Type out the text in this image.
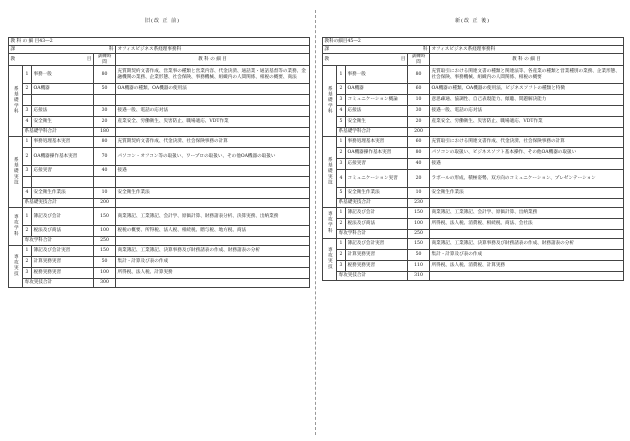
旧(改 正 前)	新(改 正 後)
教 科 の 細 目43―2				

課 科				オフィスビジネス系経理事務科

教 目			訓練時間	教 科 の 細 目
系基礎学科	1	事務一般	80	充質期契約文書作成、営業事の種類と営業内容、代金決済、通話業・通話基督等の業務、金融機関の業務、企業形態、社会保険、事務機械、組織内の人間関係、相税の概要、商法
	2	OA機器	50	OA機器の種類、OA機器の使用法

	3	応接法	30	接遇一般、電話の応対法
	4	安全衛生	20	産業安全、労働衛生、災害防止、職場適応、VDT作業
	系基礎学科合計		180	
系基礎実技	1	事務処理基本実習	80	充質期契約文書作成、代金決済、社会保険事務の計算
	2	OA機器操作基本実習	70	パソコン・オフコン等の取扱い、ワープロの取扱い、その他OA機器の取扱い
	3	応接実習	40	接遇

	4	安全衛生作業法	10	安全衛生作業法
	系基礎実技合計		200	
専攻学科	1	簿記及び会計	150	商業簿記、工業簿記、会計学、原価計算、財務諸表分析、決算実務、出納業務
	2	税法及び商法	100	税税の概要、所得税、法人税、相続税、贈与税、地方税、商法
	専攻学科合計		250	
専攻実技	1	簿記及び会計実習	150	商業簿記、工業簿記、決算事務及び財務諸表の作成、財務諸表の分析
	2	計算実務実習	50	集計・計算及び表の作成
	3	税務実務実習	100	所得税、法人税、計算実務
	専攻実技合計		300	
教科の細目45―2				

課 科				オフィスビジネス系経理事務科

教 目			訓練時間	教 科 の 細 目
系基礎学科	1	事務一般	80	充質取引における関連文書の種類と関連法等、各産業の種類と営業種別の業務、企業形態、社会保険、事務機械、組織内の人間関係、相税の概要
	2	OA機器	60	OA機器の種類、OA機器の使用法、ビジネスソフトの種類と特徴
	3	コミュニケーション概論	10	意思疎通、協調性、自己表現能力、傾聴、問題解決能力
	4	応接法	30	接遇一般、電話の応対法
	5	安全衛生	20	産業安全、労働衛生、災害防止、職場適応、VDT作業
	系基礎学科合計		200	
系基礎実技	1	事務処理基本実習	60	充質取引における関連文書作成、代金決済、社会保険事務の計算
	2	OA機器操作基本実習	80	パソコンの取扱い、ビジネスソフト基本操作、その他OA機器の取扱い
	3	応接実習	40	接遇
	4	コミュニケーション実習	20	ラポールの形成、積極姿勢、双方向のコミュニケーション、プレゼンテーション
	5	安全衛生作業法	10	安全衛生作業法
	系基礎実技合計		230	
専攻学科	1	簿記及び会計	150	商業簿記、工業簿記、会計学、原価計算、出納業務
	2	税法及び商法	100	所得税、法人税、消費税、相続税、商法、会社法
	専攻学科合計		250	
専攻実技	1	簿記及び会計実習	150	商業簿記、工業簿記、決算事務及び財務諸表の作成、財務諸表の分析
	2	計算実務実習	50	集計・計算及び表の作成
	3	税務実務実習	110	所得税、法人税、消費税、計算実務
	専攻実技合計		310	
